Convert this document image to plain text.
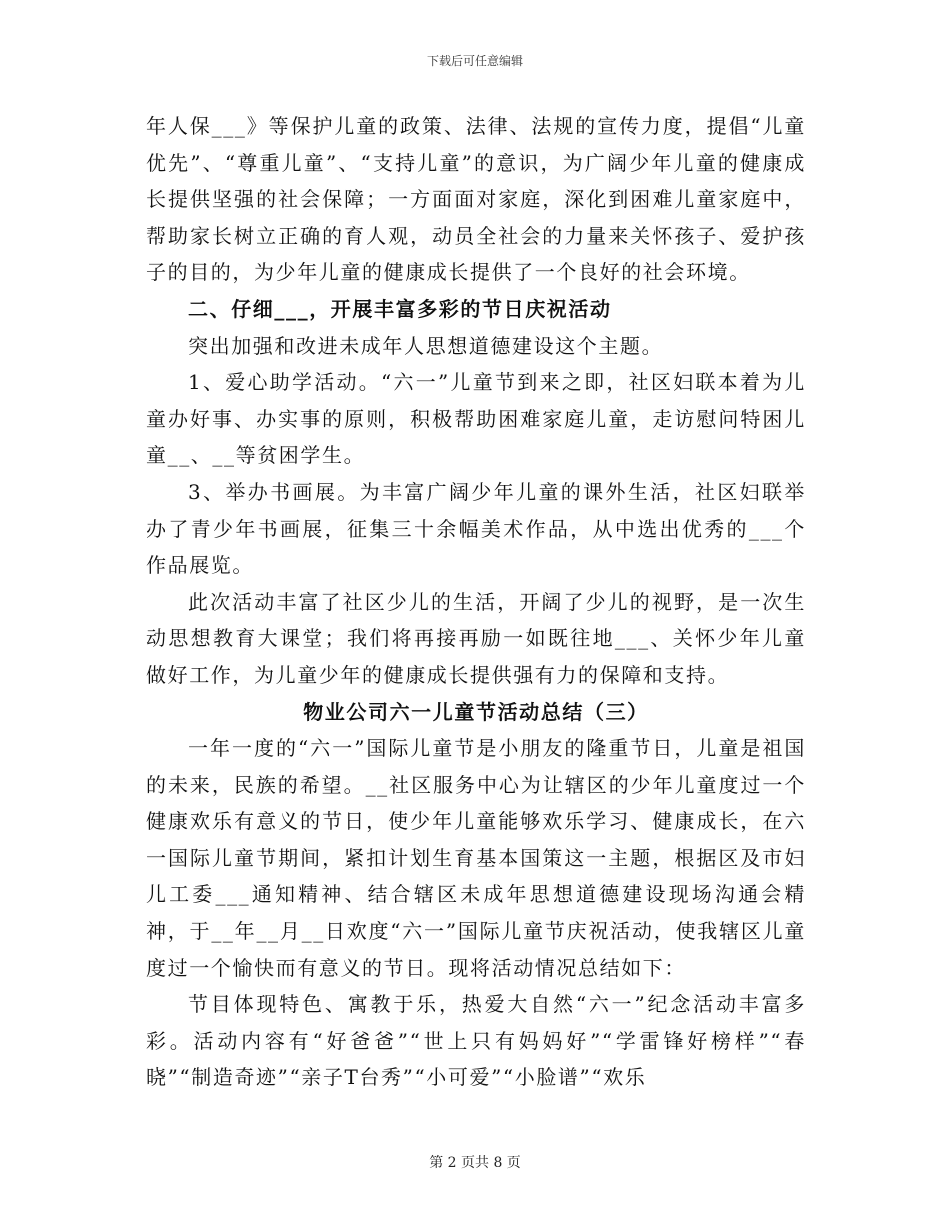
下载后可任意编辑

年人保___》等保护儿童的政策、法律、法规的宣传力度，提倡“儿童优先”、“尊重儿童”、“支持儿童”的意识，为广阔少年儿童的健康成长提供坚强的社会保障；一方面面对家庭，深化到困难儿童家庭中，帮助家长树立正确的育人观，动员全社会的力量来关怀孩子、爱护孩子的目的，为少年儿童的健康成长提供了一个良好的社会环境。

二、仔细___，开展丰富多彩的节日庆祝活动

突出加强和改进未成年人思想道德建设这个主题。

1、爱心助学活动。“六一”儿童节到来之即，社区妇联本着为儿童办好事、办实事的原则，积极帮助困难家庭儿童，走访慰问特困儿童__、__等贫困学生。

3、举办书画展。为丰富广阔少年儿童的课外生活，社区妇联举办了青少年书画展，征集三十余幅美术作品，从中选出优秀的___个作品展览。

此次活动丰富了社区少儿的生活，开阔了少儿的视野，是一次生动思想教育大课堂；我们将再接再励一如既往地___、关怀少年儿童做好工作，为儿童少年的健康成长提供强有力的保障和支持。

物业公司六一儿童节活动总结（三）

一年一度的“六一”国际儿童节是小朋友的隆重节日，儿童是祖国的未来，民族的希望。__社区服务中心为让辖区的少年儿童度过一个健康欢乐有意义的节日，使少年儿童能够欢乐学习、健康成长，在六一国际儿童节期间，紧扣计划生育基本国策这一主题，根据区及市妇儿工委___通知精神、结合辖区未成年思想道德建设现场沟通会精神，于__年__月__日欢度“六一”国际儿童节庆祝活动，使我辖区儿童度过一个愉快而有意义的节日。现将活动情况总结如下：

节目体现特色、寓教于乐，热爱大自然“六一”纪念活动丰富多彩。活动内容有“好爸爸”“世上只有妈妈好”“学雷锋好榜样”“春晓”“制造奇迹”“亲子T台秀”“小可爱”“小脸谱”“欢乐

第 2 页共 8 页
